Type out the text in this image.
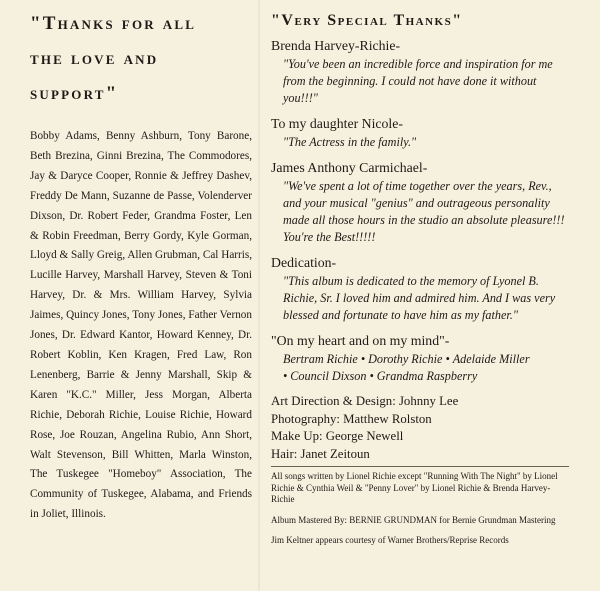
"Thanks for all
the love and
support"
Bobby Adams, Benny Ashburn, Tony Barone, Beth Brezina, Ginni Brezina, The Commodores, Jay & Daryce Cooper, Ronnie & Jeffrey Dashev, Freddy De Mann, Suzanne de Passe, Volenderver Dixson, Dr. Robert Feder, Grandma Foster, Len & Robin Freedman, Berry Gordy, Kyle Gorman, Lloyd & Sally Greig, Allen Grubman, Cal Harris, Lucille Harvey, Marshall Harvey, Steven & Toni Harvey, Dr. & Mrs. William Harvey, Sylvia Jaimes, Quincy Jones, Tony Jones, Father Vernon Jones, Dr. Edward Kantor, Howard Kenney, Dr. Robert Koblin, Ken Kragen, Fred Law, Ron Lenenberg, Barrie & Jenny Marshall, Skip & Karen "K.C." Miller, Jess Morgan, Alberta Richie, Deborah Richie, Louise Richie, Howard Rose, Joe Rouzan, Angelina Rubio, Ann Short, Walt Stevenson, Bill Whitten, Marla Winston, The Tuskegee "Homeboy" Association, The Community of Tuskegee, Alabama, and Friends in Joliet, Illinois.
"Very Special Thanks"

Brenda Harvey-Richie-

"You've been an incredible force and inspiration for me from the beginning. I could not have done it without you!!!"

To my daughter Nicole-

"The Actress in the family."

James Anthony Carmichael-

"We've spent a lot of time together over the years, Rev., and your musical "genius" and outrageous personality made all those hours in the studio an absolute pleasure!!! You're the Best!!!!!

Dedication-

"This album is dedicated to the memory of Lyonel B. Richie, Sr. I loved him and admired him. And I was very blessed and fortunate to have him as my father."

"On my heart and on my mind"-

Bertram Richie • Dorothy Richie • Adelaide Miller
• Council Dixson • Grandma Raspberry

Art Direction & Design: Johnny Lee
Photography: Matthew Rolston
Make Up: George Newell
Hair: Janet Zeitoun

All songs written by Lionel Richie except "Running With The Night" by Lionel Richie & Cynthia Weil & "Penny Lover" by Lionel Richie & Brenda Harvey-Richie

Album Mastered By: BERNIE GRUNDMAN for Bernie Grundman Mastering

Jim Keltner appears courtesy of Warner Brothers/Reprise Records
